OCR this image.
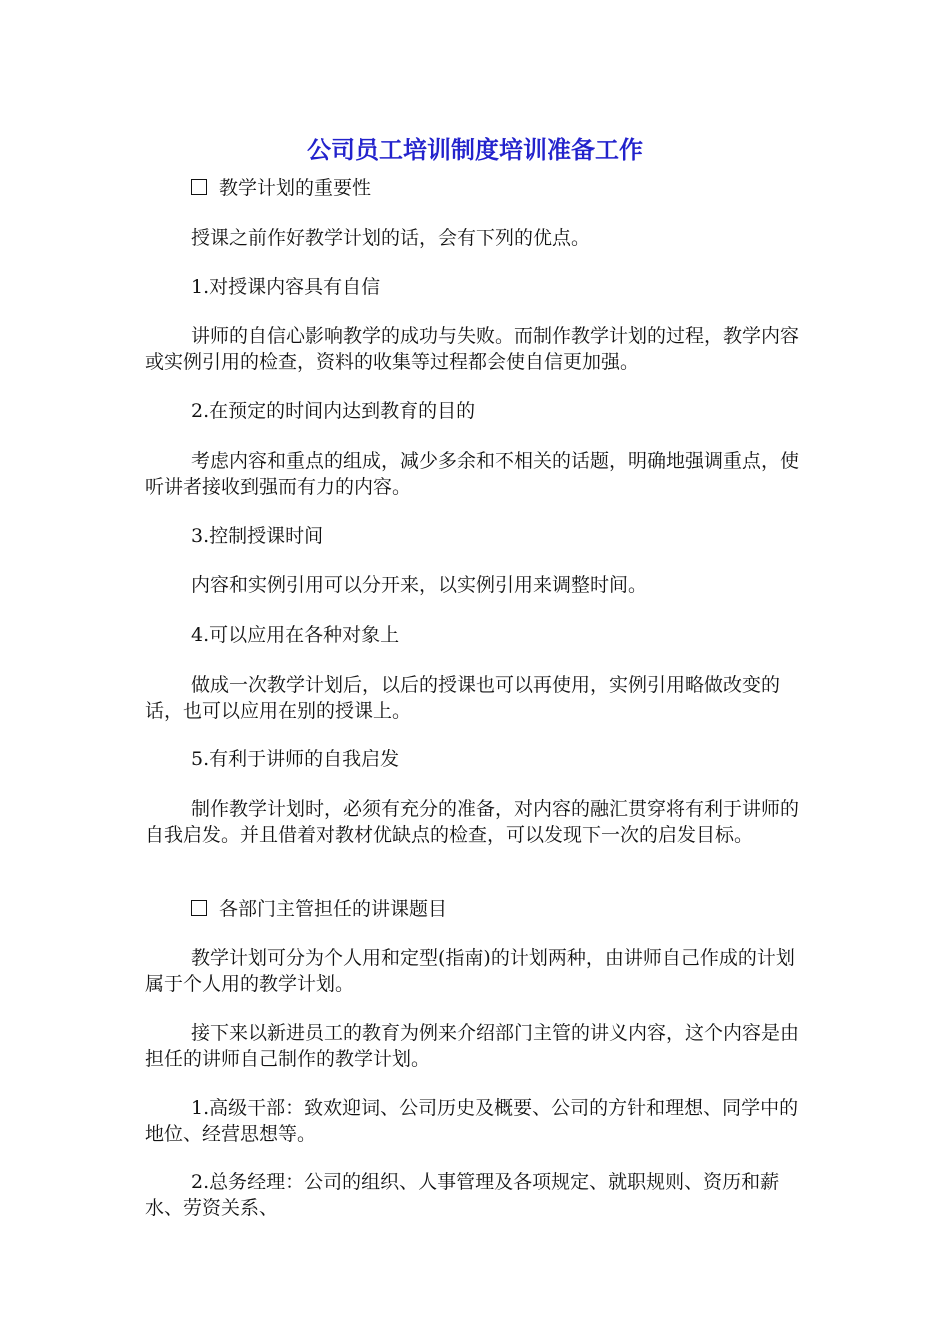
公司员工培训制度培训准备工作

教学计划的重要性

授课之前作好教学计划的话，会有下列的优点。

1.对授课内容具有自信

讲师的自信心影响教学的成功与失败。而制作教学计划的过程，教学内容或实例引用的检查，资料的收集等过程都会使自信更加强。

2.在预定的时间内达到教育的目的

考虑内容和重点的组成，减少多余和不相关的话题，明确地强调重点，使听讲者接收到强而有力的内容。

3.控制授课时间

内容和实例引用可以分开来，以实例引用来调整时间。

4.可以应用在各种对象上

做成一次教学计划后，以后的授课也可以再使用，实例引用略做改变的话，也可以应用在别的授课上。

5.有利于讲师的自我启发

制作教学计划时，必须有充分的准备，对内容的融汇贯穿将有利于讲师的自我启发。并且借着对教材优缺点的检查，可以发现下一次的启发目标。

各部门主管担任的讲课题目

教学计划可分为个人用和定型(指南)的计划两种，由讲师自己作成的计划属于个人用的教学计划。

接下来以新进员工的教育为例来介绍部门主管的讲义内容，这个内容是由担任的讲师自己制作的教学计划。

1.高级干部：致欢迎词、公司历史及概要、公司的方针和理想、同学中的地位、经营思想等。

2.总务经理：公司的组织、人事管理及各项规定、就职规则、资历和薪水、劳资关系、
